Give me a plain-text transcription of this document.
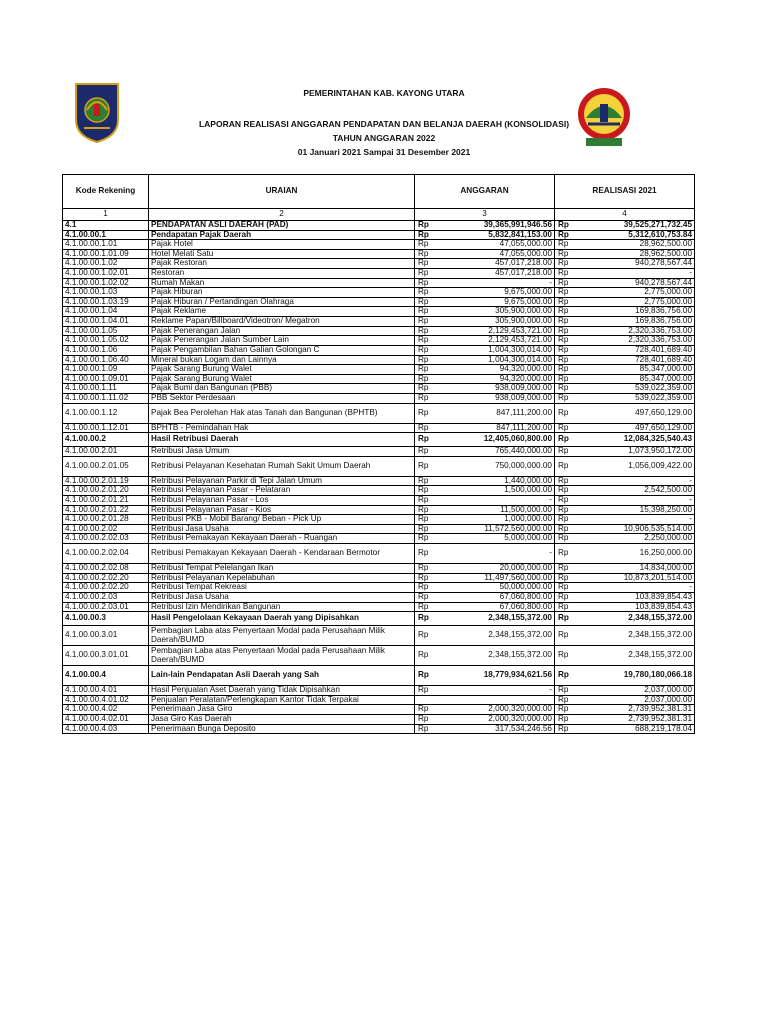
PEMERINTAHAN KAB. KAYONG UTARA
LAPORAN REALISASI ANGGARAN PENDAPATAN DAN BELANJA DAERAH (KONSOLIDASI)
TAHUN ANGGARAN 2022
01 Januari 2021 Sampai 31 Desember 2021
Kode Rekening	URAIAN	ANGGARAN		REALISASI 2021	
1	2	3		4	
4.1	PENDAPATAN ASLI DAERAH (PAD)	Rp	39,365,991,946.56	Rp	39,525,271,732.45
4.1.00.00.1	Pendapatan Pajak Daerah	Rp	5,832,841,153.00	Rp	5,312,610,753.84
4.1.00.00.1.01	Pajak Hotel	Rp	47,055,000.00	Rp	28,962,500.00
4.1.00.00.1.01.09	Hotel Melati Satu	Rp	47,055,000.00	Rp	28,962,500.00
4.1.00.00.1.02	Pajak Restoran	Rp	457,017,218.00	Rp	940,278,567.44
4.1.00.00.1.02.01	Restoran	Rp	457,017,218.00	Rp	-
4.1.00.00.1.02.02	Rumah Makan	Rp	-	Rp	940,278,567.44
4.1.00.00.1.03	Pajak Hiburan	Rp	9,675,000.00	Rp	2,775,000.00
4.1.00.00.1.03.19	Pajak Hiburan / Pertandingan Olahraga	Rp	9,675,000.00	Rp	2,775,000.00
4.1.00.00.1.04	Pajak Reklame	Rp	305,900,000.00	Rp	169,836,756.00
4.1.00.00.1.04.01	Reklame Papan/Billboard/Videotron/ Megatron	Rp	305,900,000.00	Rp	169,836,756.00
4.1.00.00.1.05	Pajak Penerangan Jalan	Rp	2,129,453,721.00	Rp	2,320,336,753.00
4.1.00.00.1.05.02	Pajak Penerangan Jalan Sumber Lain	Rp	2,129,453,721.00	Rp	2,320,336,753.00
4.1.00.00.1.06	Pajak Pengambilan Bahan Galian Golongan C	Rp	1,004,300,014.00	Rp	728,401,689.40
4.1.00.00.1.06.40	Mineral bukan Logam dan Lainnya	Rp	1,004,300,014.00	Rp	728,401,689.40
4.1.00.00.1.09	Pajak Sarang Burung Walet	Rp	94,320,000.00	Rp	85,347,000.00
4.1.00.00.1.09.01	Pajak Sarang Burung Walet	Rp	94,320,000.00	Rp	85,347,000.00
4.1.00.00.1.11	Pajak Bumi dan Bangunan (PBB)	Rp	938,009,000.00	Rp	539,022,359.00
4.1.00.00.1.11.02	PBB Sektor Perdesaan	Rp	938,009,000.00	Rp	539,022,359.00
4.1.00.00.1.12	Pajak Bea Perolehan Hak atas Tanah dan Bangunan (BPHTB)	Rp	847,111,200.00	Rp	497,650,129.00
4.1.00.00.1.12.01	BPHTB - Pemindahan Hak	Rp	847,111,200.00	Rp	497,650,129.00
4.1.00.00.2	Hasil Retribusi Daerah	Rp	12,405,060,800.00	Rp	12,084,325,540.43
4.1.00.00.2.01	Retribusi Jasa Umum	Rp	765,440,000.00	Rp	1,073,950,172.00
4.1.00.00.2.01.05	Retribusi Pelayanan Kesehatan Rumah Sakit Umum Daerah	Rp	750,000,000.00	Rp	1,056,009,422.00
4.1.00.00.2.01.19	Retribusi Pelayanan Parkir di Tepi Jalan Umum	Rp	1,440,000.00	Rp	-
4.1.00.00.2.01.20	Retribusi Pelayanan Pasar - Pelataran	Rp	1,500,000.00	Rp	2,542,500.00
4.1.00.00.2.01.21	Retribusi Pelayanan Pasar - Los	Rp	-	Rp	-
4.1.00.00.2.01.22	Retribusi Pelayanan Pasar - Kios	Rp	11,500,000.00	Rp	15,398,250.00
4.1.00.00.2.01.28	Retribusi PKB - Mobil Barang/ Beban - Pick Up	Rp	1,000,000.00	Rp	-
4.1.00.00.2.02	Retribusi Jasa Usaha	Rp	11,572,560,000.00	Rp	10,906,535,514.00
4.1.00.00.2.02.03	Retribusi Pemakayan Kekayaan Daerah - Ruangan	Rp	5,000,000.00	Rp	2,250,000.00
4.1.00.00.2.02.04	Retribusi Pemakayan Kekayaan Daerah - Kendaraan Bermotor	Rp	-	Rp	16,250,000.00
4.1.00.00.2.02.08	Retribusi Tempat Pelelangan Ikan	Rp	20,000,000.00	Rp	14,834,000.00
4.1.00.00.2.02.20	Retribusi Pelayanan Kepelabuhan	Rp	11,497,560,000.00	Rp	10,873,201,514.00
4.1.00.00.2.02.20	Retribusi Tempat Rekreasi	Rp	50,000,000.00	Rp	-
4.1.00.00.2.03	Retribusi Jasa Usaha	Rp	67,060,800.00	Rp	103,839,854.43
4.1.00.00.2.03.01	Retribusi Izin Mendirikan Bangunan	Rp	67,060,800.00	Rp	103,839,854.43
4.1.00.00.3	Hasil Pengelolaan Kekayaan Daerah yang Dipisahkan	Rp	2,348,155,372.00	Rp	2,348,155,372.00
4.1.00.00.3.01	Pembagian Laba atas Penyertaan Modal pada Perusahaan Milik Daerah/BUMD	Rp	2,348,155,372.00	Rp	2,348,155,372.00
4.1.00.00.3.01.01	Pembagian Laba atas Penyertaan Modal pada Perusahaan Milik Daerah/BUMD	Rp	2,348,155,372.00	Rp	2,348,155,372.00
4.1.00.00.4	Lain-lain Pendapatan Asli Daerah yang Sah	Rp	18,779,934,621.56	Rp	19,780,180,066.18
4.1.00.00.4.01	Hasil Penjualan Aset Daerah yang Tidak Dipisahkan	Rp	-	Rp	2,037,000.00
4.1.00.00.4.01.02	Penjualan Peralatan/Perlengkapan Kantor Tidak Terpakai			Rp	2,037,000.00
4.1.00.00.4.02	Penerimaan Jasa Giro	Rp	2,000,320,000.00	Rp	2,739,952,381.31
4.1.00.00.4.02.01	Jasa Giro Kas Daerah	Rp	2,000,320,000.00	Rp	2,739,952,381.31
4.1.00.00.4.03	Penerimaan Bunga Deposito	Rp	317,534,246.56	Rp	688,219,178.04
